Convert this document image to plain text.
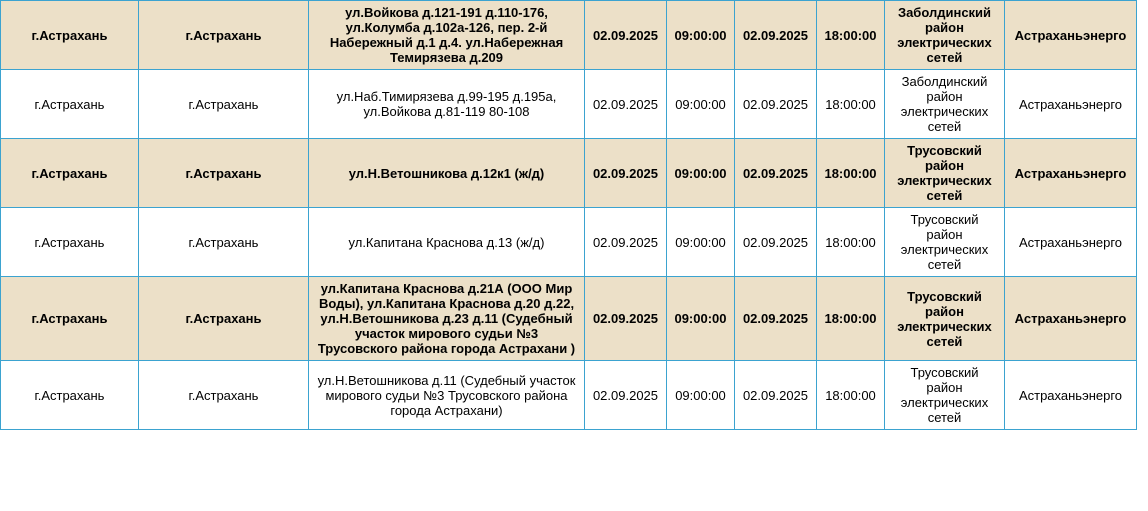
г.Астрахань	г.Астрахань	ул.Войкова д.121-191 д.110-176, ул.Колумба д.102а-126, пер. 2-й Набережный д.1 д.4. ул.Набережная Темирязева д.209	02.09.2025	09:00:00	02.09.2025	18:00:00	Заболдинский район электрических сетей	Астраханьэнерго
г.Астрахань	г.Астрахань	ул.Наб.Тимирязева д.99-195 д.195а, ул.Войкова д.81-119 80-108	02.09.2025	09:00:00	02.09.2025	18:00:00	Заболдинский район электрических сетей	Астраханьэнерго
г.Астрахань	г.Астрахань	ул.Н.Ветошникова д.12к1 (ж/д)	02.09.2025	09:00:00	02.09.2025	18:00:00	Трусовский район электрических сетей	Астраханьэнерго
г.Астрахань	г.Астрахань	ул.Капитана Краснова д.13 (ж/д)	02.09.2025	09:00:00	02.09.2025	18:00:00	Трусовский район электрических сетей	Астраханьэнерго
г.Астрахань	г.Астрахань	ул.Капитана Краснова д.21А (ООО Мир Воды), ул.Капитана Краснова д.20 д.22, ул.Н.Ветошникова д.23 д.11 (Судебный участок мирового судьи №3 Трусовского района города Астрахани )	02.09.2025	09:00:00	02.09.2025	18:00:00	Трусовский район электрических сетей	Астраханьэнерго
г.Астрахань	г.Астрахань	ул.Н.Ветошникова д.11 (Судебный участок мирового судьи №3 Трусовского района города Астрахани)	02.09.2025	09:00:00	02.09.2025	18:00:00	Трусовский район электрических сетей	Астраханьэнерго
